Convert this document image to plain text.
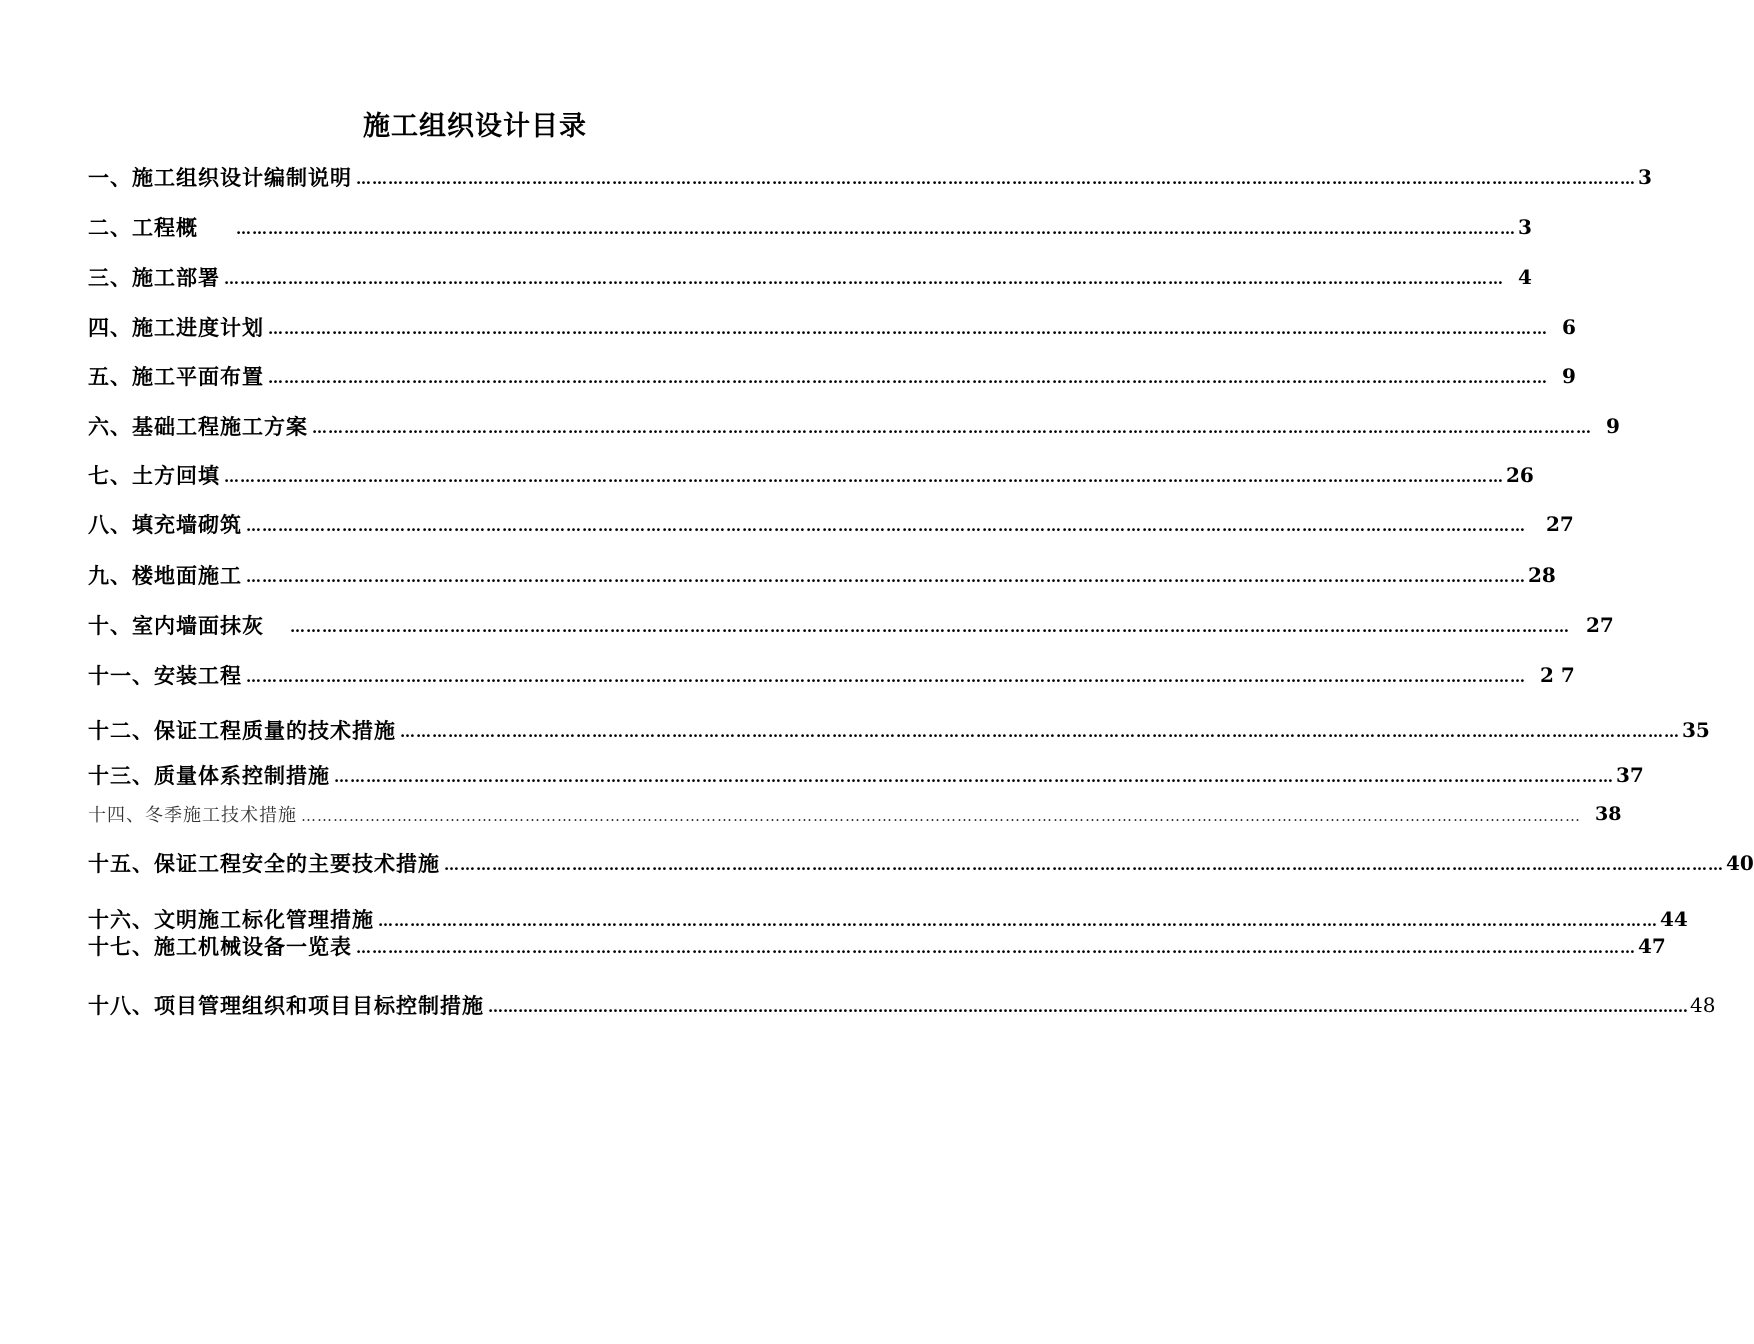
施工组织设计目录
一、施工组织设计编制说明 …………………………………………………………………………………………………………………………………………………………………………………………………………………… 3
二、工程概	…………………………………………………………………………………………………………………………………………………………………………………………………………………… 3
三、施工部署 …………………………………………………………………………………………………………………………………………………………………………………………………………………… 4
四、施工进度计划 …………………………………………………………………………………………………………………………………………………………………………………………………………………… 6
五、施工平面布置 …………………………………………………………………………………………………………………………………………………………………………………………………………………… 9
六、基础工程施工方案 …………………………………………………………………………………………………………………………………………………………………………………………………………………… 9
七、土方回填 …………………………………………………………………………………………………………………………………………………………………………………………………………………… 26
八、填充墙砌筑 …………………………………………………………………………………………………………………………………………………………………………………………………………………… 27
九、楼地面施工 …………………………………………………………………………………………………………………………………………………………………………………………………………………… 28
十、室内墙面抹灰 …………………………………………………………………………………………………………………………………………………………………………………………………………………… 27
十一、安装工程 …………………………………………………………………………………………………………………………………………………………………………………………………………………… 2 7
十二、保证工程质量的技术措施 …………………………………………………………………………………………………………………………………………………………………………………………………………………… 35
十三、质量体系控制措施 …………………………………………………………………………………………………………………………………………………………………………………………………………………… 37
十四、冬季施工技术措施 …………………………………………………………………………………………………………………………………………………………………………………………………………………… 38
十五、保证工程安全的主要技术措施 …………………………………………………………………………………………………………………………………………………………………………………………………………………… 40
十六、文明施工标化管理措施 …………………………………………………………………………………………………………………………………………………………………………………………………………………… 44
十七、施工机械设备一览表 …………………………………………………………………………………………………………………………………………………………………………………………………………………… 47
十八、项目管理组织和项目目标控制措施 …………………………………………………………………………………………………………………………………………………………………………………………………………………… 48
